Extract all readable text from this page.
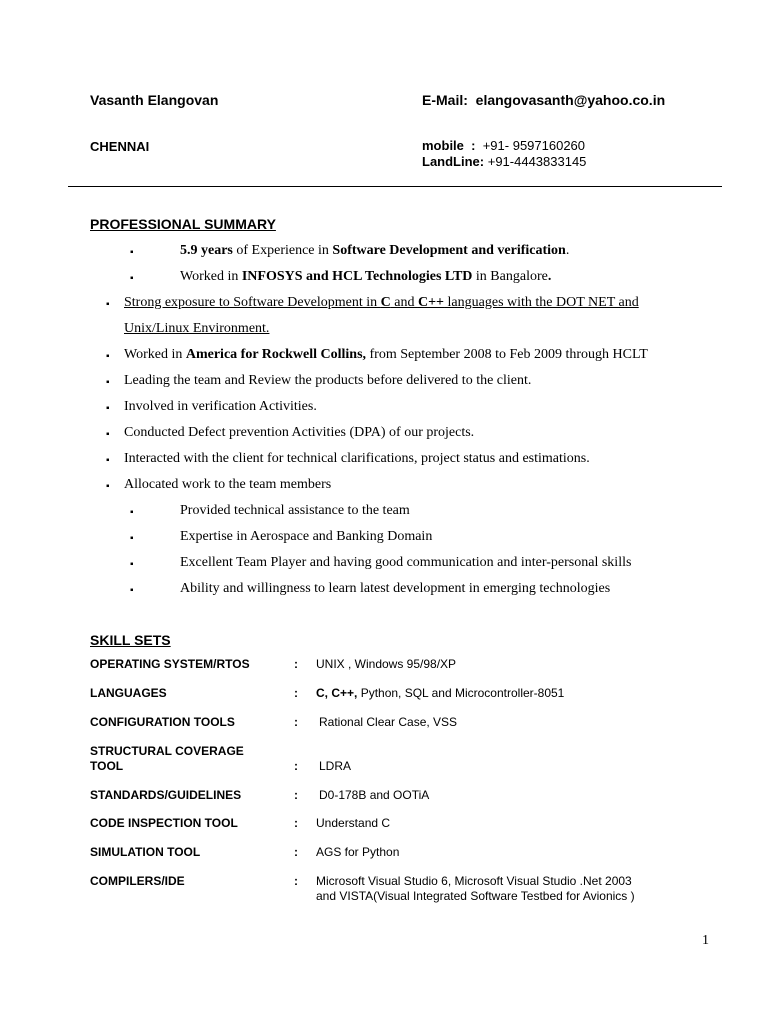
Vasanth Elangovan	E-Mail: elangovasanth@yahoo.co.in
CHENNAI	mobile : +91- 9597160260
LandLine: +91-4443833145
PROFESSIONAL SUMMARY
▪	5.9 years of Experience in Software Development and verification.
▪	Worked in INFOSYS and HCL Technologies LTD in Bangalore.
▪ Strong exposure to Software Development in C and C++ languages with the DOT NET and
Unix/Linux Environment.
▪ Worked in America for Rockwell Collins, from September 2008 to Feb 2009 through HCLT
▪ Leading the team and Review the products before delivered to the client.
▪ Involved in verification Activities.
▪ Conducted Defect prevention Activities (DPA) of our projects.
▪ Interacted with the client for technical clarifications, project status and estimations.
▪ Allocated work to the team members
▪	Provided technical assistance to the team
▪	Expertise in Aerospace and Banking Domain
▪	Excellent Team Player and having good communication and inter-personal skills
▪	Ability and willingness to learn latest development in emerging technologies
SKILL SETS
OPERATING SYSTEM/RTOS	: UNIX , Windows 95/98/XP
LANGUAGES	: C, C++, Python, SQL and Microcontroller-8051
CONFIGURATION TOOLS	: Rational Clear Case, VSS
STRUCTURAL COVERAGE
TOOL	: LDRA
STANDARDS/GUIDELINES	: D0-178B and OOTiA
CODE INSPECTION TOOL	: Understand C
SIMULATION TOOL	: AGS for Python
COMPILERS/IDE	: Microsoft Visual Studio 6, Microsoft Visual Studio .Net 2003
and VISTA(Visual Integrated Software Testbed for Avionics )
1
